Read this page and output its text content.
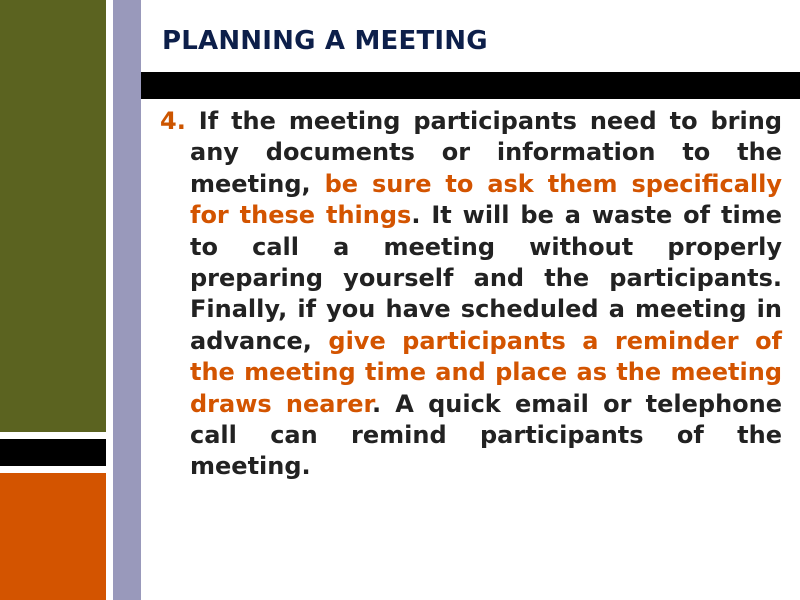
PLANNING A MEETING

4. If the meeting participants need to bring any documents or information to the meeting, be sure to ask them specifically for these things. It will be a waste of time to call a meeting without properly preparing yourself and the participants. Finally, if you have scheduled a meeting in advance, give participants a reminder of the meeting time and place as the meeting draws nearer. A quick email or telephone call can remind participants of the meeting.
